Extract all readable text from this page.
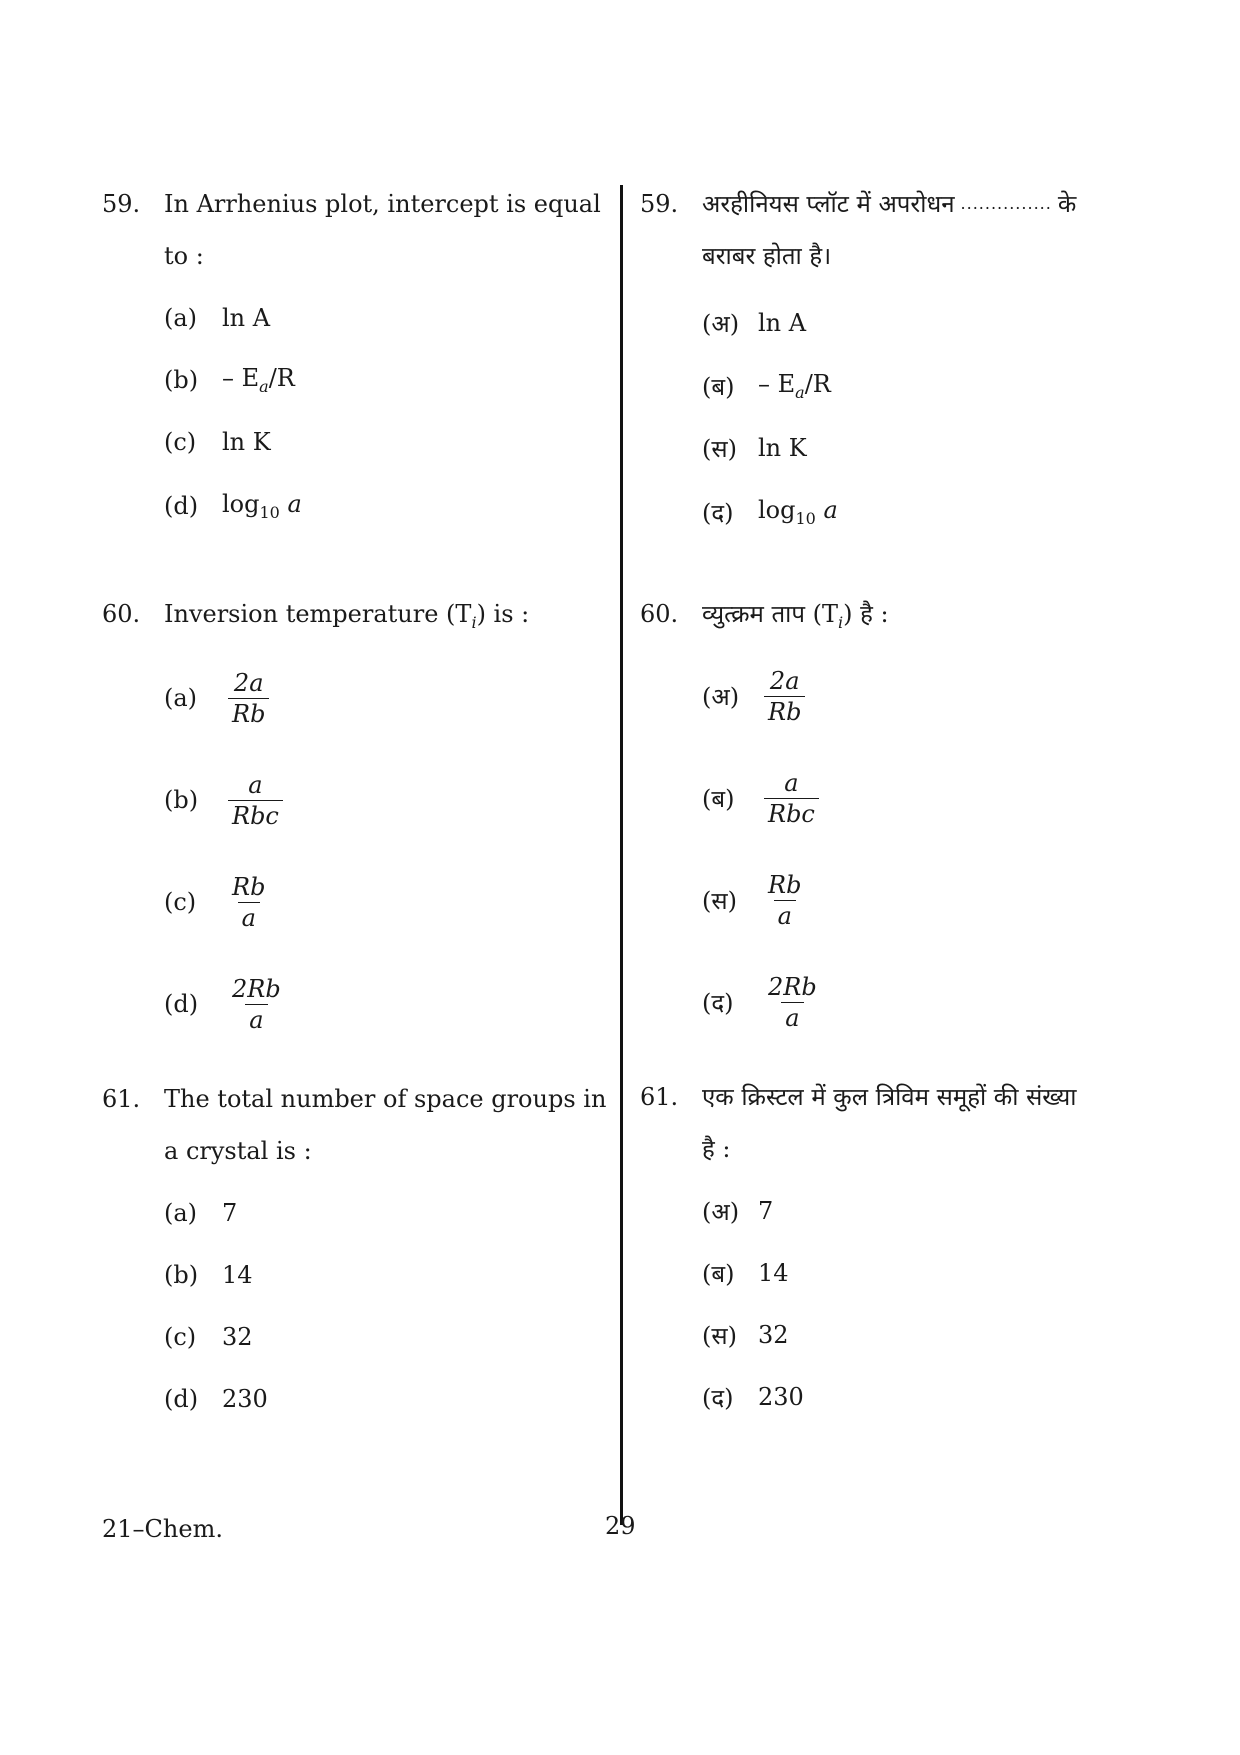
59. In Arrhenius plot, intercept is equal
to :
(a)	ln A
$(b) - E_a/R$
(c)	ln K
(d) $\log_{10} a$
60. Inversion temperature $(T_i)$ is :
(a)	$\frac{2a}{Rb}$
(b)	$\frac{a}{\text{Rbc}}$
(c)	$\frac{Rb}{a}$
(d)	$\frac{2Rb}{a}$
61. The total number of space groups in
a crystal is :
(a)	7
(b) 14
(c)	32
(d) 230
59. अरहीनियस प्लॉट में अपरोधन ............... के
बराबर होता है।
(अ) ln A
(ब) – $E_a/R$
(स) ln K
(द)	$\log_{10} a$
60. व्युत्क्रम ताप $(T_i)$ है :
(अ)	$\frac{2a}{Rb}$
(ब)	$\frac{a}{\text{Rbc}}$
(स)	$\frac{Rb}{a}$
(द)	$\frac{2Rb}{a}$
61. एक क्रिस्टल में कुल त्रिविम समूहों की संख्या
है :
(अ) 7
(ब) 14
(स) 32
(द)	230
21–Chem.	29
